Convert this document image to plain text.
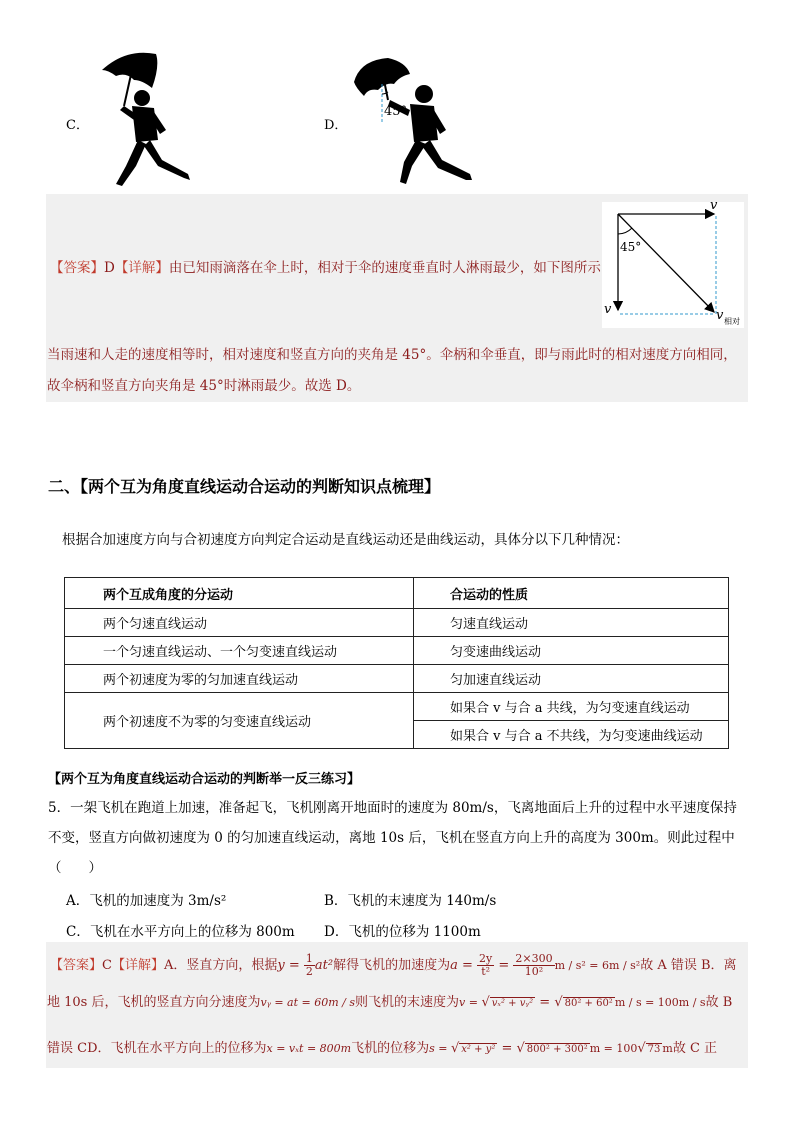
C．	D．
45°
【答案】D【详解】由已知雨滴落在伞上时，相对于伞的速度垂直时人淋雨最少，如下图所示
v
v	v 相对
45°
当雨速和人走的速度相等时，相对速度和竖直方向的夹角是 45°。伞柄和伞垂直，即与雨此时的相对速度方向相同，
故伞柄和竖直方向夹角是 45°时淋雨最少。故选 D。
二、【两个互为角度直线运动合运动的判断知识点梳理】
根据合加速度方向与合初速度方向判定合运动是直线运动还是曲线运动，具体分以下几种情况：
两个互成角度的分运动	合运动的性质
两个匀速直线运动	匀速直线运动
一个匀速直线运动、一个匀变速直线运动	匀变速曲线运动
两个初速度为零的匀加速直线运动	匀加速直线运动
两个初速度不为零的匀变速直线运动	如果合 v 与合 a 共线，为匀变速直线运动
	如果合 v 与合 a 不共线，为匀变速曲线运动
【两个互为角度直线运动合运动的判断举一反三练习】
5．一架飞机在跑道上加速，准备起飞，飞机刚离开地面时的速度为 80m/s，飞离地面后上升的过程中水平速度保持
不变，竖直方向做初速度为 0 的匀加速直线运动，离地 10s 后，飞机在竖直方向上升的高度为 300m。则此过程中
（　　）
A．飞机的加速度为 3m/s²	B．飞机的末速度为 140m/s
C．飞机在水平方向上的位移为 800m D．飞机的位移为 1100m
【答案】C【详解】A．竖直方向，根据$y = \frac{1}{2} at^2$解得飞机的加速度为$a = \frac{2y}{\text{t²}} = \frac{2\times 300}{\text{10²}}$ m / s² = 6m / s²故 A 错误 B．离
地 10s 后，飞机的竖直方向分速度为vᵧ = at = 60m / s则飞机的末速度为v = √ vₓ² + vᵧ² = √ 80² + 60² m / s = 100m / s故 B
错误 CD．飞机在水平方向上的位移为x = vₓt = 800m飞机的位移为s = √ x² + y² = √ 800² + 300² m = 100√ 73 m故 C 正
